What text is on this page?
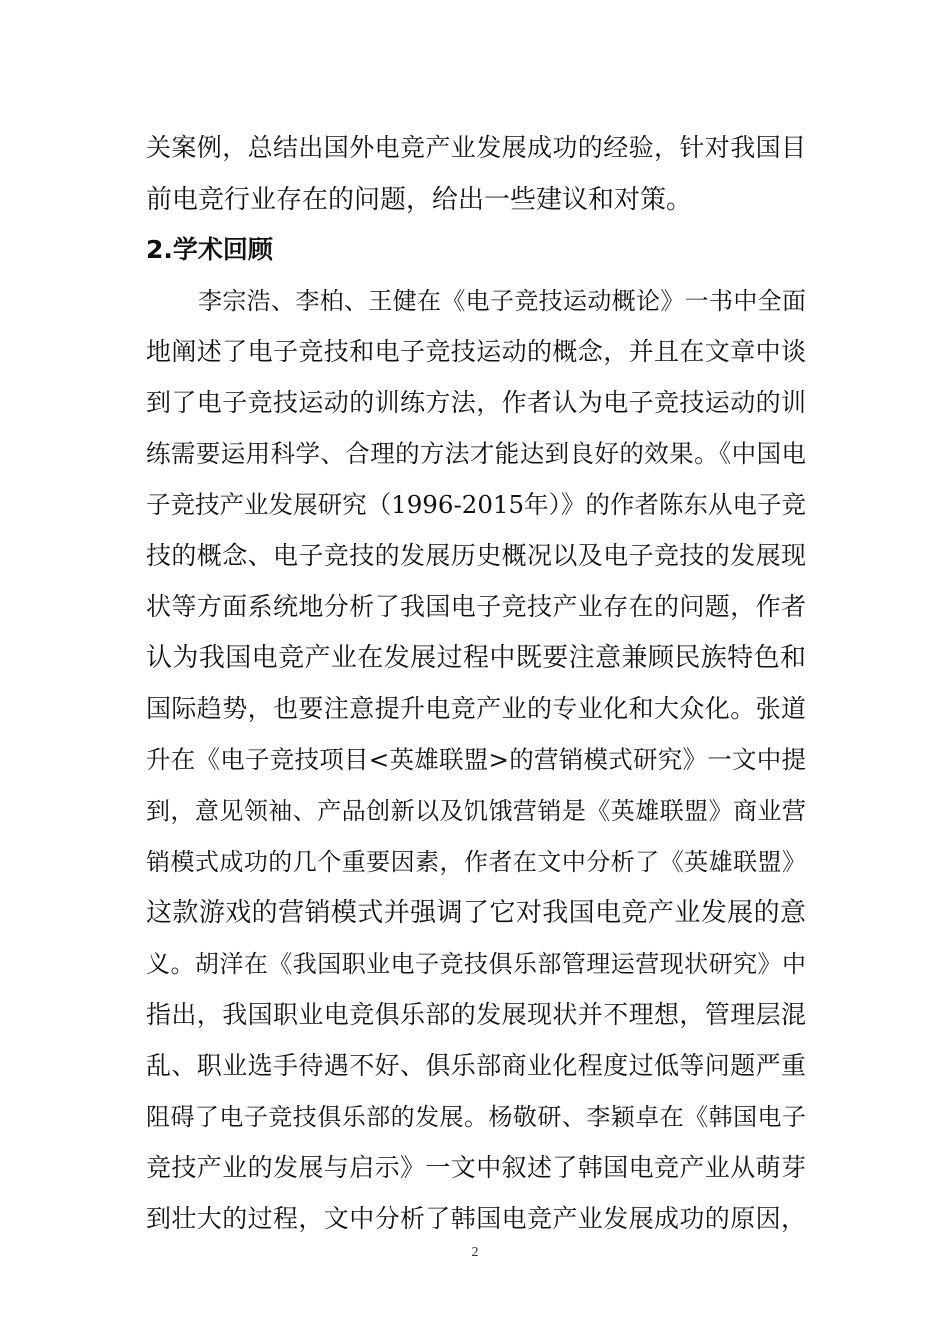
关案例，总结出国外电竞产业发展成功的经验，针对我国目
前电竞行业存在的问题，给出一些建议和对策。
2.学术回顾
李宗浩、李柏、王健在《电子竞技运动概论》一书中全面
地阐述了电子竞技和电子竞技运动的概念，并且在文章中谈
到了电子竞技运动的训练方法，作者认为电子竞技运动的训
练需要运用科学、合理的方法才能达到良好的效果。《中国电
子竞技产业发展研究（1996-2015年）》的作者陈东从电子竞
技的概念、电子竞技的发展历史概况以及电子竞技的发展现
状等方面系统地分析了我国电子竞技产业存在的问题，作者
认为我国电竞产业在发展过程中既要注意兼顾民族特色和
国际趋势，也要注意提升电竞产业的专业化和大众化。张道
升在《电子竞技项目<英雄联盟>的营销模式研究》一文中提
到，意见领袖、产品创新以及饥饿营销是《英雄联盟》商业营
销模式成功的几个重要因素，作者在文中分析了《英雄联盟》
这款游戏的营销模式并强调了它对我国电竞产业发展的意
义。胡洋在《我国职业电子竞技俱乐部管理运营现状研究》中
指出，我国职业电竞俱乐部的发展现状并不理想，管理层混
乱、职业选手待遇不好、俱乐部商业化程度过低等问题严重
阻碍了电子竞技俱乐部的发展。杨敬研、李颖卓在《韩国电子
竞技产业的发展与启示》一文中叙述了韩国电竞产业从萌芽
到壮大的过程，文中分析了韩国电竞产业发展成功的原因，
2
